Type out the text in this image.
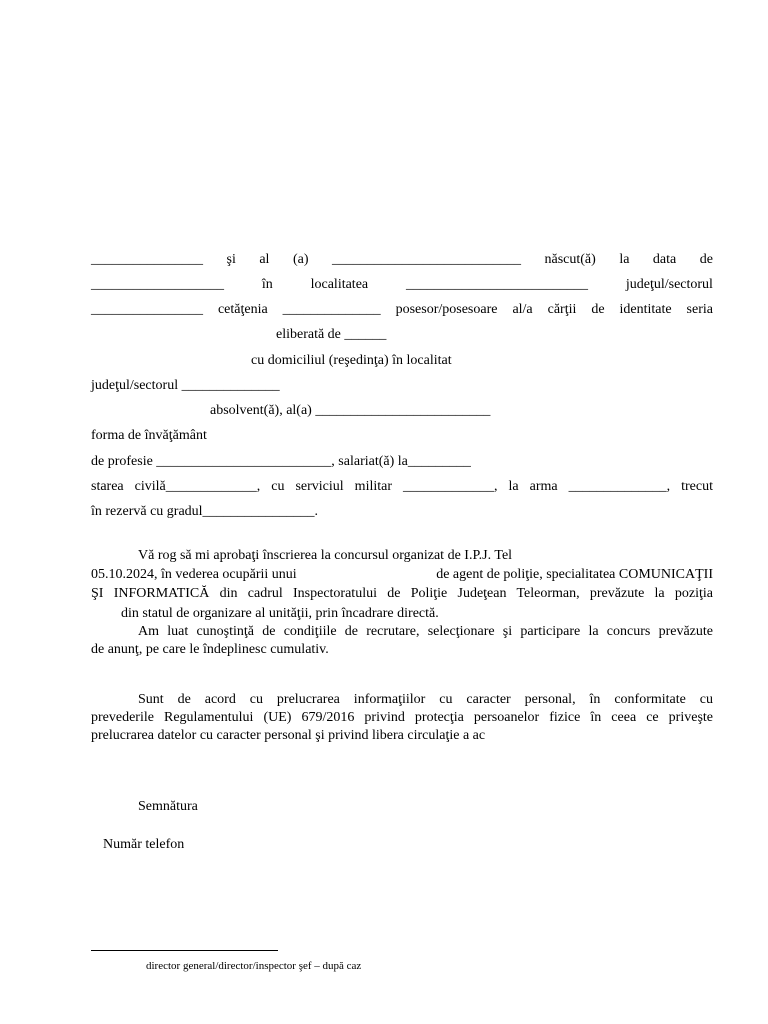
________________ şi al (a) ___________________________ născut(ă) la data de
___________________	în	localitatea	__________________________	judeţul/sectorul
________________ cetăţenia ______________ posesor/posesoare al/a cărţii de identitate seria
eliberată de ______
cu domiciliul (reşedinţa) în localitat
judeţul/sectorul ______________
absolvent(ă), al(a) _________________________
forma de învăţământ
de profesie _________________________, salariat(ă) la_________
starea civilă_____________, cu serviciul militar _____________, la arma ______________, trecut
în rezervă cu gradul________________.
Vă rog să mi aprobaţi înscrierea la concursul organizat de I.P.J. Tel
05.10.2024, în vederea ocupării unui	de agent de poliţie, specialitatea COMUNICAŢII
ŞI INFORMATICĂ din cadrul Inspectoratului de Poliţie Judeţean Teleorman, prevăzute la poziţia
din statul de organizare al unităţii, prin încadrare directă.
Am luat cunoştinţă de condiţiile de recrutare, selecţionare şi participare la concurs prevăzute
de anunţ, pe care le îndeplinesc cumulativ.
Sunt de acord cu prelucrarea informaţiilor cu caracter personal, în conformitate cu
prevederile Regulamentului (UE) 679/2016 privind protecţia persoanelor fizice în ceea ce priveşte
prelucrarea datelor cu caracter personal şi privind libera circulaţie a ac
Semnătura
Număr telefon
director general/director/inspector şef – după caz
